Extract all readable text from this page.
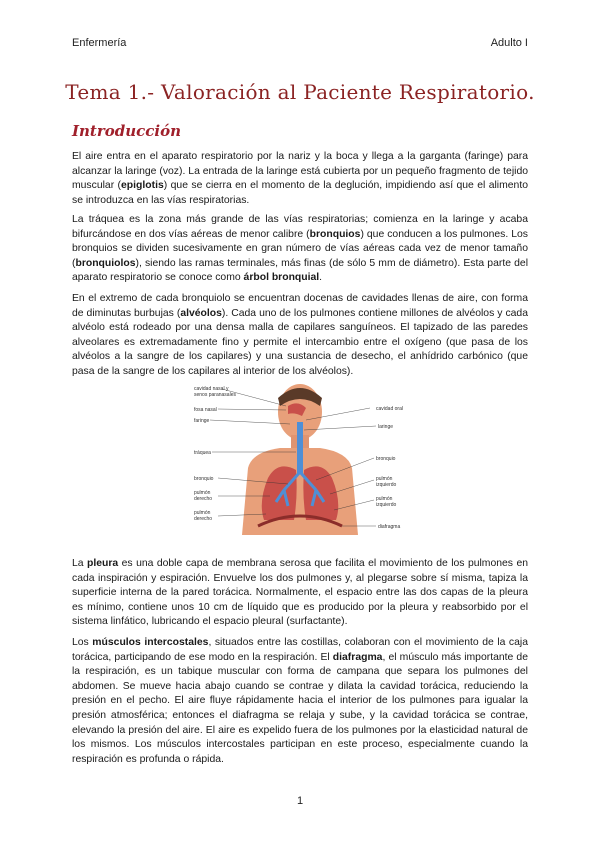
Enfermería	Adulto I
Tema 1.- Valoración al Paciente Respiratorio.
Introducción

El aire entra en el aparato respiratorio por la nariz y la boca y llega a la garganta (faringe) para alcanzar la laringe (voz). La entrada de la laringe está cubierta por un pequeño fragmento de tejido muscular (epiglotis) que se cierra en el momento de la deglución, impidiendo así que el alimento se introduzca en las vías respiratorias.

La tráquea es la zona más grande de las vías respiratorias; comienza en la laringe y acaba bifurcándose en dos vías aéreas de menor calibre (bronquios) que conducen a los pulmones. Los bronquios se dividen sucesivamente en gran número de vías aéreas cada vez de menor tamaño (bronquiolos), siendo las ramas terminales, más finas (de sólo 5 mm de diámetro). Esta parte del aparato respiratorio se conoce como árbol bronquial.

En el extremo de cada bronquiolo se encuentran docenas de cavidades llenas de aire, con forma de diminutas burbujas (alvéolos). Cada uno de los pulmones contiene millones de alvéolos y cada alvéolo está rodeado por una densa malla de capilares sanguíneos. El tapizado de las paredes alveolares es extremadamente fino y permite el intercambio entre el oxígeno (que pasa de los alvéolos a la sangre de los capilares) y una sustancia de desecho, el anhídrido carbónico (que pasa de la sangre de los capilares al interior de los alvéolos).

cavidad nasal y
senos paranasales
fosa nasal
faringe
tráquea
bronquio
pulmón
derecho
pulmón
derecho
cavidad oral
laringe
bronquio
pulmón
izquierdo
pulmón
izquierdo
diafragma

La pleura es una doble capa de membrana serosa que facilita el movimiento de los pulmones en cada inspiración y espiración. Envuelve los dos pulmones y, al plegarse sobre sí misma, tapiza la superficie interna de la pared torácica. Normalmente, el espacio entre las dos capas de la pleura es mínimo, contiene unos 10 cm de líquido que es producido por la pleura y reabsorbido por el sistema linfático, lubricando el espacio pleural (surfactante).

Los músculos intercostales, situados entre las costillas, colaboran con el movimiento de la caja torácica, participando de ese modo en la respiración. El diafragma, el músculo más importante de la respiración, es un tabique muscular con forma de campana que separa los pulmones del abdomen. Se mueve hacia abajo cuando se contrae y dilata la cavidad torácica, reduciendo la presión en el pecho. El aire fluye rápidamente hacia el interior de los pulmones para igualar la presión atmosférica; entonces el diafragma se relaja y sube, y la cavidad torácica se contrae, elevando la presión del aire. El aire es expelido fuera de los pulmones por la elasticidad natural de los mismos. Los músculos intercostales participan en este proceso, especialmente cuando la respiración es profunda o rápida.

1
